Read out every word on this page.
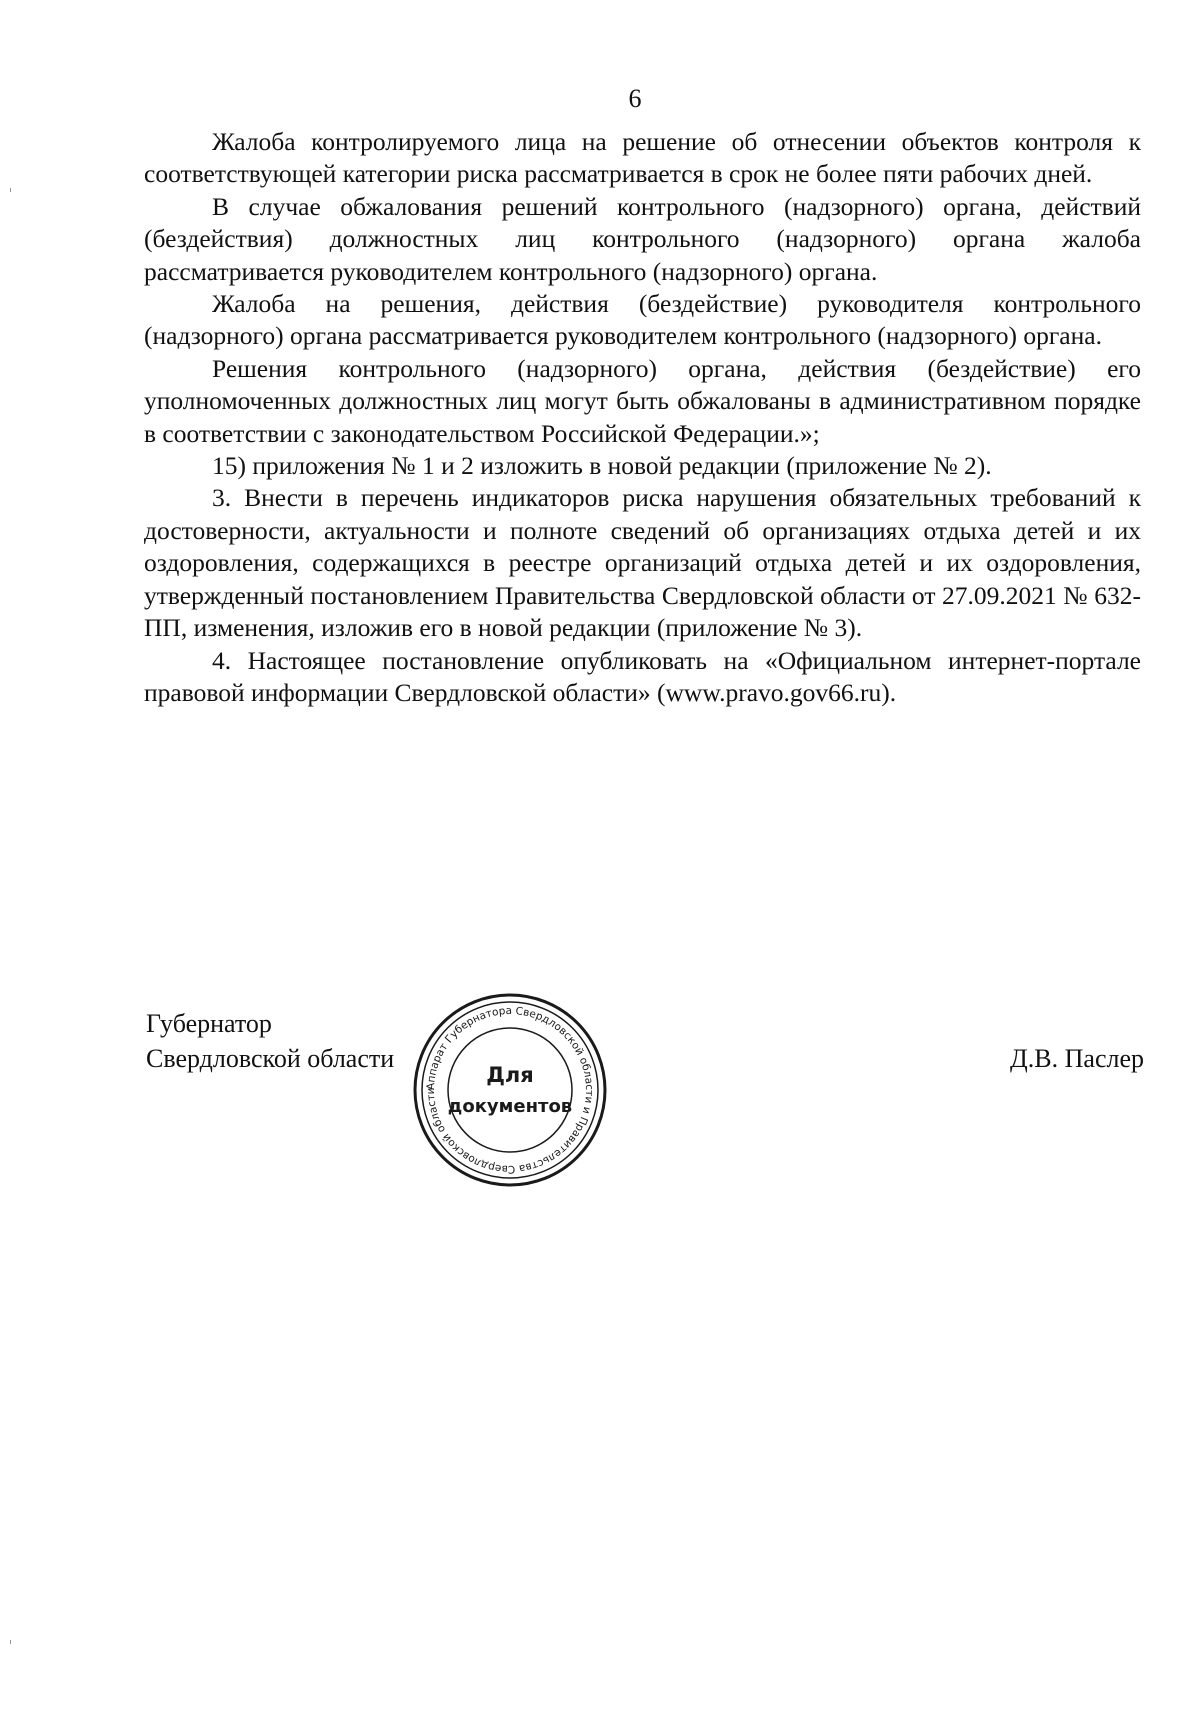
6

Жалоба контролируемого лица на решение об отнесении объектов контроля к соответствующей категории риска рассматривается в срок не более пяти рабочих дней.

В случае обжалования решений контрольного (надзорного) органа, действий (бездействия) должностных лиц контрольного (надзорного) органа жалоба рассматривается руководителем контрольного (надзорного) органа.

Жалоба на решения, действия (бездействие) руководителя контрольного (надзорного) органа рассматривается руководителем контрольного (надзорного) органа.

Решения контрольного (надзорного) органа, действия (бездействие) его уполномоченных должностных лиц могут быть обжалованы в административном порядке в соответствии с законодательством Российской Федерации.»;

15) приложения № 1 и 2 изложить в новой редакции (приложение № 2).

3. Внести в перечень индикаторов риска нарушения обязательных требований к достоверности, актуальности и полноте сведений об организациях отдыха детей и их оздоровления, содержащихся в реестре организаций отдыха детей и их оздоровления, утвержденный постановлением Правительства Свердловской области от 27.09.2021 № 632-ПП, изменения, изложив его в новой редакции (приложение № 3).

4. Настоящее постановление опубликовать на «Официальном интернет-портале правовой информации Свердловской области» (www.pravo.gov66.ru).

Губернатор
Свердловской области	Д.В. Паслер
Аппарат Губернатора Свердловской области и Правительства Свердловской области
Для
документов
